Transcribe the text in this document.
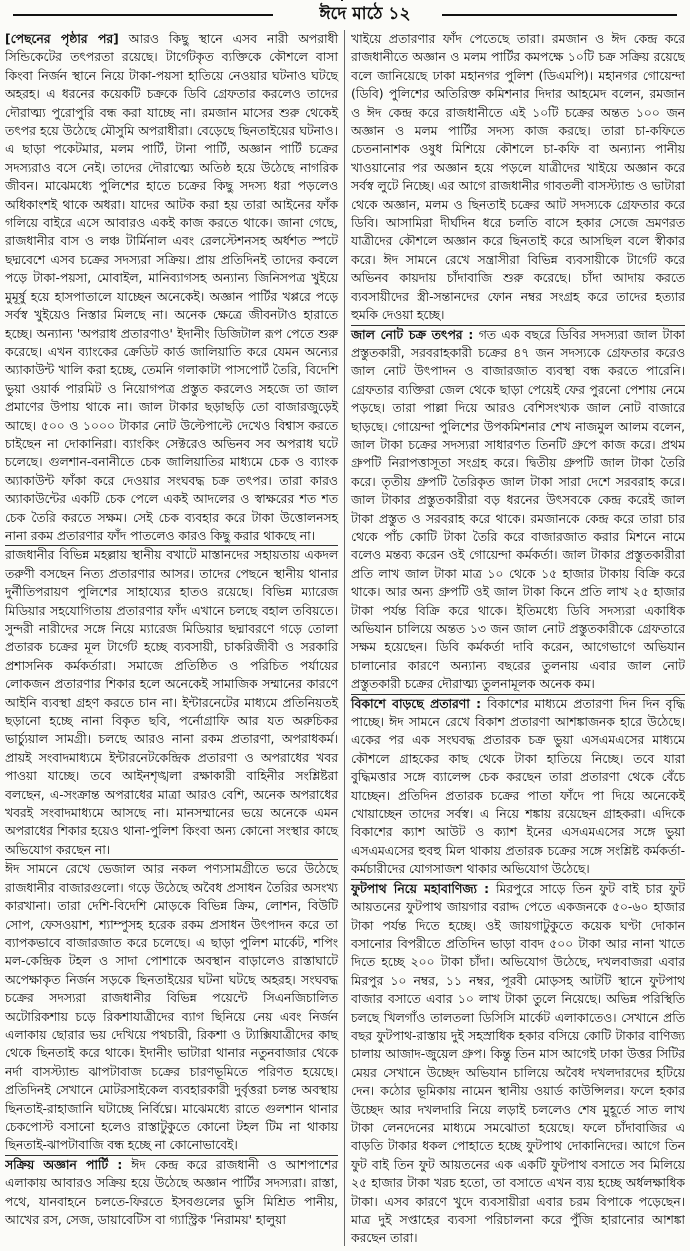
ঈদে মাঠে ১২

[পেছনের পৃষ্ঠার পর] আরও কিছু স্থানে এসব নারী অপরাধী সিন্ডিকেটের তৎপরতা রয়েছে। টার্গেটকৃত ব্যক্তিকে কৌশলে বাসা কিংবা নির্জন স্থানে নিয়ে টাকা-পয়সা হাতিয়ে নেওয়ার ঘটনাও ঘটছে অহরহ। এ ধরনের কয়েকটি চক্রকে ডিবি গ্রেফতার করলেও তাদের দৌরাত্ম্য পুরোপুরি বন্ধ করা যাচ্ছে না। রমজান মাসের শুরু থেকেই তৎপর হয়ে উঠেছে মৌসুমি অপরাধীরা। বেড়েছে ছিনতাইয়ের ঘটনাও। এ ছাড়া পকেটমার, মলম পার্টি, টানা পার্টি, অজ্ঞান পার্টি চক্রের সদস্যরাও বসে নেই। তাদের দৌরাত্ম্যে অতিষ্ঠ হয়ে উঠেছে নাগরিক জীবন। মাঝেমধ্যে পুলিশের হাতে চক্রের কিছু সদস্য ধরা পড়লেও অধিকাংশই থাকে অধরা। যাদের আটক করা হয় তারা আইনের ফাঁক গলিয়ে বাইরে এসে আবারও একই কাজ করতে থাকে। জানা গেছে, রাজধানীর বাস ও লঞ্চ টার্মিনাল এবং রেলস্টেশনসহ অর্ধশত স্পটে ছদ্মবেশে এসব চক্রের সদস্যরা সক্রিয়। প্রায় প্রতিদিনই তাদের কবলে পড়ে টাকা-পয়সা, মোবাইল, মানিব্যাগসহ অন্যান্য জিনিসপত্র খুইয়ে মুমূর্ষু হয়ে হাসপাতালে যাচ্ছেন অনেকেই। অজ্ঞান পার্টির খপ্পরে পড়ে সর্বস্ব খুইয়েও নিস্তার মিলছে না। অনেক ক্ষেত্রে জীবনটাও হারাতে হচ্ছে। অন্যান্য 'অপরাধ প্রতারণাও' ইদানীং ডিজিটাল রূপ পেতে শুরু করেছে। এখন ব্যাংকের ক্রেডিট কার্ড জালিয়াতি করে যেমন অন্যের অ্যাকাউন্ট খালি করা হচ্ছে, তেমনি গলাকাটা পাসপোর্ট তৈরি, বিদেশি ভুয়া ওয়ার্ক পারমিট ও নিয়োগপত্র প্রস্তুত করলেও সহজে তা জাল প্রমাণের উপায় থাকে না। জাল টাকার ছড়াছড়ি তো বাজারজুড়েই আছে। ৫০০ ও ১০০০ টাকার নোট উল্টেপাল্টে দেখেও বিশ্বাস করতে চাইছেন না দোকানিরা। ব্যাংকিং সেক্টরেও অভিনব সব অপরাধ ঘটে চলেছে। গুলশান-বনানীতে চেক জালিয়াতির মাধ্যমে চেক ও ব্যাংক অ্যাকাউন্ট ফাঁকা করে দেওয়ার সংঘবদ্ধ চক্র তৎপর। তারা কারও অ্যাকাউন্টের একটি চেক পেলে একই আদলের ও স্বাক্ষরের শত শত চেক তৈরি করতে সক্ষম। সেই চেক ব্যবহার করে টাকা উত্তোলনসহ নানা রকম প্রতারণার ফাঁদ পাতলেও কারও কিছু করার থাকছে না।

রাজধানীর বিভিন্ন মহল্লায় স্থানীয় বখাটে মাস্তানদের সহায়তায় একদল তরুণী বসছেন নিত্য প্রতারণার আসর। তাদের পেছনে স্থানীয় থানার দুর্নীতিপরায়ণ পুলিশের সাহায্যের হাতও রয়েছে। বিভিন্ন ম্যারেজ মিডিয়ার সহযোগিতায় প্রতারণার ফাঁদ এখানে চলছে বহাল তবিয়তে। সুন্দরী নারীদের সঙ্গে নিয়ে ম্যারেজ মিডিয়ার ছদ্মাবরণে গড়ে তোলা প্রতারক চক্রের মূল টার্গেট হচ্ছে ব্যবসায়ী, চাকরিজীবী ও সরকারি প্রশাসনিক কর্মকর্তারা। সমাজে প্রতিষ্ঠিত ও পরিচিত পর্যায়ের লোকজন প্রতারণার শিকার হলে অনেকেই সামাজিক সম্মানের কারণে আইনি ব্যবস্থা গ্রহণ করতে চান না। ইন্টারনেটের মাধ্যমে প্রতিনিয়তই ছড়ানো হচ্ছে নানা বিকৃত ছবি, পর্নোগ্রাফি আর যত অরুচিকর ভার্চ্যুয়াল সামগ্রী। চলছে আরও নানা রকম প্রতারণা, অপরাধকর্ম। প্রায়ই সংবাদমাধ্যমে ইন্টারনেটকেন্দ্রিক প্রতারণা ও অপরাধের খবর পাওয়া যাচ্ছে। তবে আইনশৃঙ্খলা রক্ষাকারী বাহিনীর সংশ্লিষ্টরা বলছেন, এ-সংক্রান্ত অপরাধের মাত্রা আরও বেশি, অনেক অপরাধের খবরই সংবাদমাধ্যমে আসছে না। মানসম্মানের ভয়ে অনেকে এমন অপরাধের শিকার হয়েও থানা-পুলিশ কিংবা অন্য কোনো সংস্থার কাছে অভিযোগ করছেন না।

ঈদ সামনে রেখে ভেজাল আর নকল পণ্যসামগ্রীতে ভরে উঠেছে রাজধানীর বাজারগুলো। গড়ে উঠেছে অবৈধ প্রসাধন তৈরির অসংখ্য কারখানা। তারা দেশি-বিদেশি মোড়কে বিভিন্ন ক্রিম, লোশন, বিউটি সোপ, ফেসওয়াশ, শ্যাম্পুসহ হরেক রকম প্রসাধন উৎপাদন করে তা ব্যাপকভাবে বাজারজাত করে চলেছে। এ ছাড়া পুলিশ মার্কেট, শপিং মল-কেন্দ্রিক টহল ও সাদা পোশাকে অবস্থান বাড়ালেও রাস্তাঘাটে অপেক্ষাকৃত নির্জন সড়কে ছিনতাইয়ের ঘটনা ঘটছে অহরহ। সংঘবদ্ধ চক্রের সদস্যরা রাজধানীর বিভিন্ন পয়েন্টে সিএনজিচালিত অটোরিকশায় চড়ে রিকশাযাত্রীদের ব্যাগ ছিনিয়ে নেয় এবং নির্জন এলাকায় ছোরার ভয় দেখিয়ে পথচারী, রিকশা ও ট্যাক্সিযাত্রীদের কাছ থেকে ছিনতাই করে থাকে। ইদানীং ভাটারা থানার নতুনবাজার থেকে নর্দা বাসস্ট্যান্ড ঝাপটাবাজ চক্রের চারণভূমিতে পরিণত হয়েছে। প্রতিদিনই সেখানে মোটরসাইকেল ব্যবহারকারী দুর্বৃত্তরা চলন্ত অবস্থায় ছিনতাই-রাহাজানি ঘটাচ্ছে নির্বিঘ্নে। মাঝেমধ্যে রাতে গুলশান থানার চেকপোস্ট বসানো হলেও রাস্তাটুকুতে কোনো টহল টিম না থাকায় ছিনতাই-ঝাপটাবাজি বন্ধ হচ্ছে না কোনোভাবেই।

সক্রিয় অজ্ঞান পার্টি : ঈদ কেন্দ্র করে রাজধানী ও আশপাশের এলাকায় আবারও সক্রিয় হয়ে উঠেছে অজ্ঞান পার্টির সদস্যরা। রাস্তা, পথে, যানবাহনে চলতে-ফিরতে ইসবগুলের ভুসি মিশ্রিত পানীয়, আখের রস, সেজ, ডায়াবেটিস বা গ্যাস্ট্রিক 'নিরাময়' হালুয়া

খাইয়ে প্রতারণার ফাঁদ পেতেছে তারা। রমজান ও ঈদ কেন্দ্র করে রাজধানীতে অজ্ঞান ও মলম পার্টির কমপক্ষে ১০টি চক্র সক্রিয় রয়েছে বলে জানিয়েছে ঢাকা মহানগর পুলিশ (ডিএমপি)। মহানগর গোয়েন্দা (ডিবি) পুলিশের অতিরিক্ত কমিশনার দিদার আহমেদ বলেন, রমজান ও ঈদ কেন্দ্র করে রাজধানীতে এই ১০টি চক্রের অন্তত ১০০ জন অজ্ঞান ও মলম পার্টির সদস্য কাজ করছে। তারা চা-কফিতে চেতনানাশক ওষুধ মিশিয়ে কৌশলে চা-কফি বা অন্যান্য পানীয় খাওয়ানোর পর অজ্ঞান হয়ে পড়লে যাত্রীদের খাইয়ে অজ্ঞান করে সর্বস্ব লুটে নিচ্ছে। এর আগে রাজধানীর গাবতলী বাসস্ট্যান্ড ও ভাটারা থেকে অজ্ঞান, মলম ও ছিনতাই চক্রের আট সদস্যকে গ্রেফতার করে ডিবি। আসামিরা দীর্ঘদিন ধরে চলতি বাসে হকার সেজে ভ্রমণরত যাত্রীদের কৌশলে অজ্ঞান করে ছিনতাই করে আসছিল বলে স্বীকার করে। ঈদ সামনে রেখে সন্ত্রাসীরা বিভিন্ন ব্যবসায়ীকে টার্গেট করে অভিনব কায়দায় চাঁদাবাজি শুরু করেছে। চাঁদা আদায় করতে ব্যবসায়ীদের স্ত্রী-সন্তানদের ফোন নম্বর সংগ্রহ করে তাদের হত্যার হুমকি দেওয়া হচ্ছে।

জাল নোট চক্র তৎপর : গত এক বছরে ডিবির সদস্যরা জাল টাকা প্রস্তুতকারী, সরবরাহকারী চক্রের ৪৭ জন সদস্যকে গ্রেফতার করেও জাল নোট উৎপাদন ও বাজারজাত ব্যবস্থা বন্ধ করতে পারেনি। গ্রেফতার ব্যক্তিরা জেল থেকে ছাড়া পেয়েই ফের পুরনো পেশায় নেমে পড়ছে। তারা পাল্লা দিয়ে আরও বেশিসংখ্যক জাল নোট বাজারে ছাড়ছে। গোয়েন্দা পুলিশের উপকমিশনার শেখ নাজমুল আলম বলেন, জাল টাকা চক্রের সদস্যরা সাধারণত তিনটি গ্রুপে কাজ করে। প্রথম গ্রুপটি নিরাপত্তাসূতা সংগ্রহ করে। দ্বিতীয় গ্রুপটি জাল টাকা তৈরি করে। তৃতীয় গ্রুপটি তৈরিকৃত জাল টাকা সারা দেশে সরবরাহ করে। জাল টাকার প্রস্তুতকারীরা বড় ধরনের উৎসবকে কেন্দ্র করেই জাল টাকা প্রস্তুত ও সরবরাহ করে থাকে। রমজানকে কেন্দ্র করে তারা চার থেকে পাঁচ কোটি টাকা তৈরি করে বাজারজাত করার মিশনে নামে বলেও মন্তব্য করেন ওই গোয়েন্দা কর্মকর্তা। জাল টাকার প্রস্তুতকারীরা প্রতি লাখ জাল টাকা মাত্র ১০ থেকে ১৫ হাজার টাকায় বিক্রি করে থাকে। আর অন্য গ্রুপটি ওই জাল টাকা কিনে প্রতি লাখ ২৫ হাজার টাকা পর্যন্ত বিক্রি করে থাকে। ইতিমধ্যে ডিবি সদস্যরা একাধিক অভিযান চালিয়ে অন্তত ১৩ জন জাল নোট প্রস্তুতকারীকে গ্রেফতারে সক্ষম হয়েছেন। ডিবি কর্মকর্তা দাবি করেন, আগেভাগে অভিযান চালানোর কারণে অন্যান্য বছরের তুলনায় এবার জাল নোট প্রস্তুতকারী চক্রের দৌরাত্ম্য তুলনামূলক অনেক কম।

বিকাশে বাড়ছে প্রতারণা : বিকাশের মাধ্যমে প্রতারণা দিন দিন বৃদ্ধি পাচ্ছে। ঈদ সামনে রেখে বিকাশ প্রতারণা আশঙ্কাজনক হারে উঠেছে। একের পর এক সংঘবদ্ধ প্রতারক চক্র ভুয়া এসএমএসের মাধ্যমে কৌশলে গ্রাহকের কাছ থেকে টাকা হাতিয়ে নিচ্ছে। তবে যারা বুদ্ধিমত্তার সঙ্গে ব্যালেন্স চেক করছেন তারা প্রতারণা থেকে বেঁচে যাচ্ছেন। প্রতিদিন প্রতারক চক্রের পাতা ফাঁদে পা দিয়ে অনেকেই খোয়াচ্ছেন তাদের সর্বস্ব। এ নিয়ে শঙ্কায় রয়েছেন গ্রাহকরা। এদিকে বিকাশের ক্যাশ আউট ও ক্যাশ ইনের এসএমএসের সঙ্গে ভুয়া এসএমএসের হুবহু মিল থাকায় প্রতারক চক্রের সঙ্গে সংশ্লিষ্ট কর্মকর্তা-কর্মচারীদের যোগসাজশ থাকার অভিযোগ উঠেছে।

ফুটপাথ নিয়ে মহাবাণিজ্য : মিরপুরে সাড়ে তিন ফুট বাই চার ফুট আয়তনের ফুটপাথ জায়গার বরাদ্দ পেতে একজনকে ৫০-৬০ হাজার টাকা পর্যন্ত দিতে হচ্ছে। ওই জায়গাটুকুতে কয়েক ঘণ্টা দোকান বসানোর বিপরীতে প্রতিদিন ভাড়া বাবদ ৫০০ টাকা আর নানা খাতে দিতে হচ্ছে ২০০ টাকা চাঁদা। অভিযোগ উঠেছে, দখলবাজরা এবার মিরপুর ১০ নম্বর, ১১ নম্বর, পূরবী মোড়সহ আটটি স্থানে ফুটপাথ বাজার বসাতে এবার ১০ লাখ টাকা তুলে নিয়েছে। অভিন্ন পরিস্থিতি চলছে খিলগাঁও তালতলা ডিসিসি মার্কেট এলাকাতেও। সেখানে প্রতি বছর ফুটপাথ-রাস্তায় দুই সহস্রাধিক হকার বসিয়ে কোটি টাকার বাণিজ্য চালায় আজাদ-জুয়েল গ্রুপ। কিন্তু তিন মাস আগেই ঢাকা উত্তর সিটির মেয়র সেখানে উচ্ছেদ অভিযান চালিয়ে অবৈধ দখলদারদের হটিয়ে দেন। কঠোর ভূমিকায় নামেন স্থানীয় ওয়ার্ড কাউন্সিলর। ফলে হকার উচ্ছেদ আর দখলদারি নিয়ে লড়াই চললেও শেষ মুহূর্তে সাত লাখ টাকা লেনদেনের মাধ্যমে সমঝোতা হয়েছে। ফলে চাঁদাবাজির এ বাড়তি টাকার ধকল পোহাতে হচ্ছে ফুটপাথ দোকানিদের। আগে তিন ফুট বাই তিন ফুট আয়তনের এক একটি ফুটপাথ বসাতে সব মিলিয়ে ২৫ হাজার টাকা খরচ হতো, তা বসাতে এখন ব্যয় হচ্ছে অর্ধলক্ষাধিক টাকা। এসব কারণে খুদে ব্যবসায়ীরা এবার চরম বিপাকে পড়েছেন। মাত্র দুই সপ্তাহের ব্যবসা পরিচালনা করে পুঁজি হারানোর আশঙ্কা করছেন তারা।
